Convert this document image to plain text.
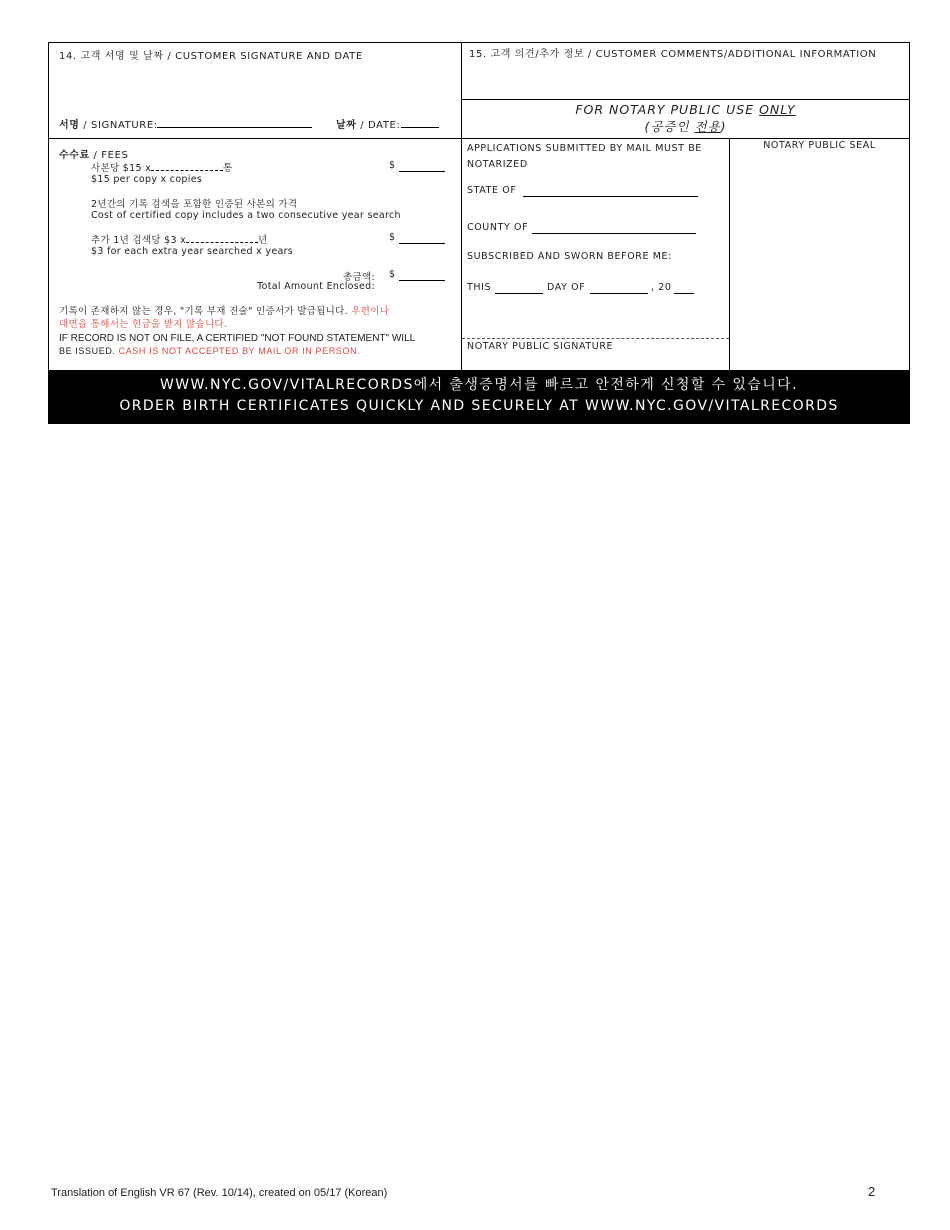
14. 고객 서명 및 날짜 / CUSTOMER SIGNATURE AND DATE
서명 / SIGNATURE:	날짜 / DATE:
15. 고객 의견/추가 정보 / CUSTOMER COMMENTS/ADDITIONAL INFORMATION
FOR NOTARY PUBLIC USE ONLY
(공증인 전용)
수수료 / FEES
사본당 $15 x	통	$
$15 per copy x copies
2년간의 기록 검색을 포함한 인증된 사본의 가격
Cost of certified copy includes a two consecutive year search
추가 1년 검색당 $3 x	년	$
$3 for each extra year searched x years
총금액: $
Total Amount Enclosed:
기록이 존재하지 않는 경우, "기록 부재 진술" 인증서가 발급됩니다. 우편이나
대면을 통해서는 현금을 받지 않습니다.
IF RECORD IS NOT ON FILE, A CERTIFIED "NOT FOUND STATEMENT" WILL
BE ISSUED. CASH IS NOT ACCEPTED BY MAIL OR IN PERSON.
APPLICATIONS SUBMITTED BY MAIL MUST BE
NOTARIZED
STATE OF
COUNTY OF
SUBSCRIBED AND SWORN BEFORE ME:
THIS	DAY OF	, 20
NOTARY PUBLIC SIGNATURE
NOTARY PUBLIC SEAL
WWW.NYC.GOV/VITALRECORDS에서 출생증명서를 빠르고 안전하게 신청할 수 있습니다.
ORDER BIRTH CERTIFICATES QUICKLY AND SECURELY AT WWW.NYC.GOV/VITALRECORDS
Translation of English VR 67 (Rev. 10/14), created on 05/17 (Korean)	2
